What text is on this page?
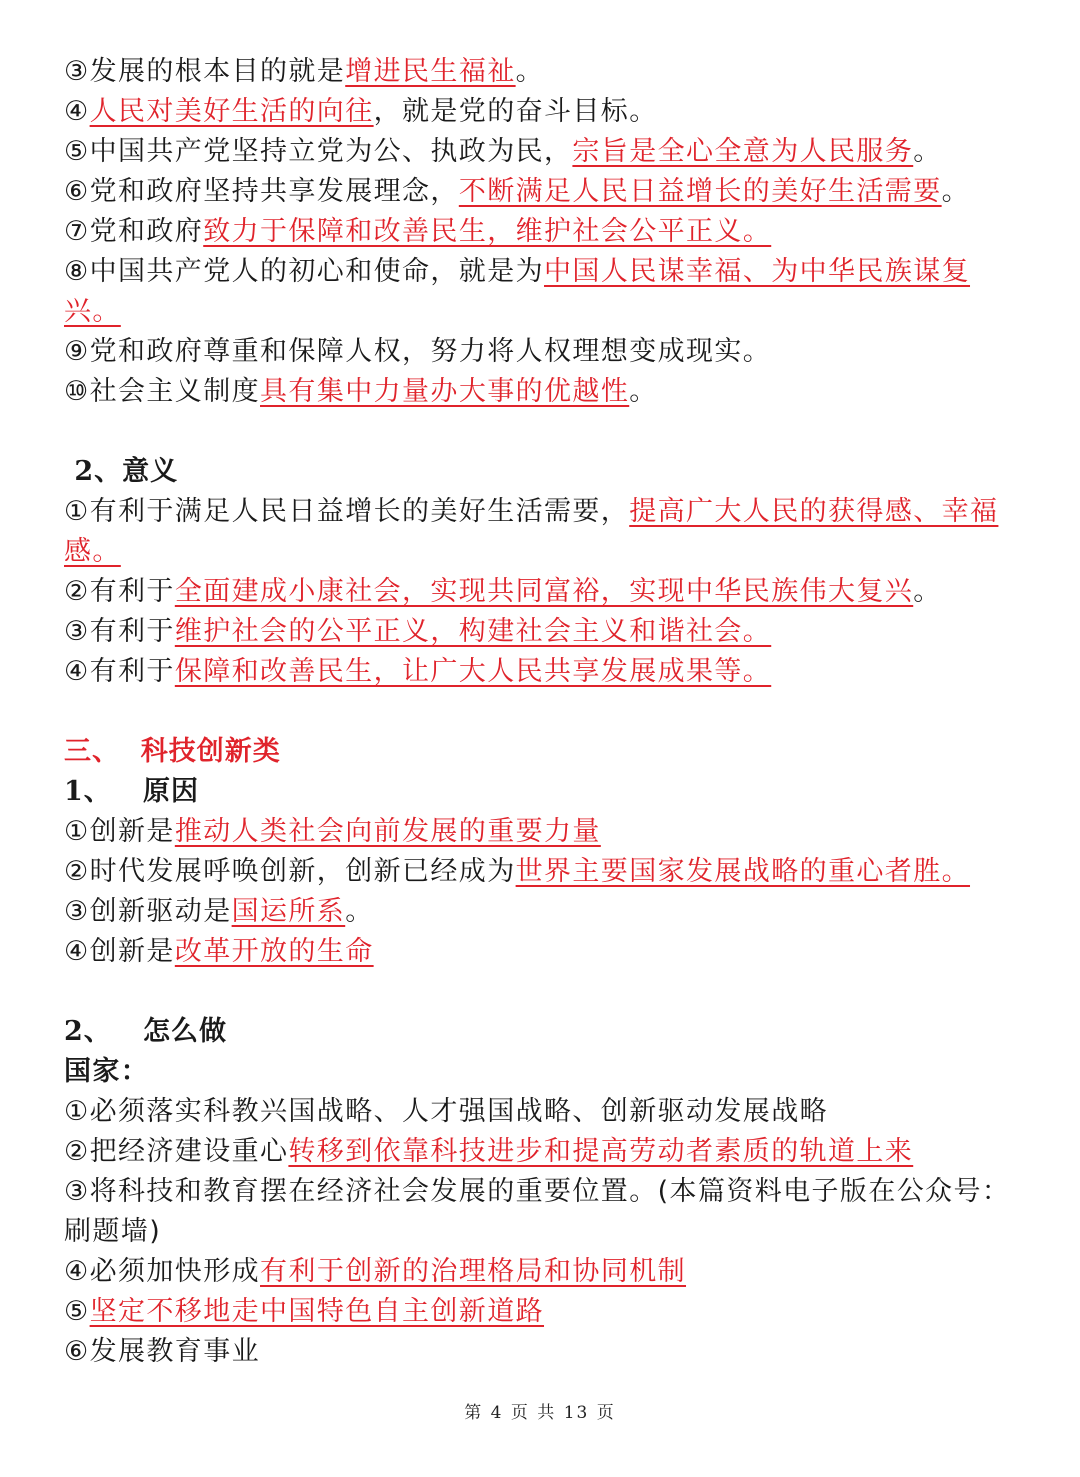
③发展的根本目的就是增进民生福祉。
④人民对美好生活的向往，就是党的奋斗目标。
⑤中国共产党坚持立党为公、执政为民，宗旨是全心全意为人民服务。
⑥党和政府坚持共享发展理念，不断满足人民日益增长的美好生活需要。
⑦党和政府致力于保障和改善民生，维护社会公平正义。
⑧中国共产党人的初心和使命，就是为中国人民谋幸福、为中华民族谋复兴。
⑨党和政府尊重和保障人权，努力将人权理想变成现实。
⑩社会主义制度具有集中力量办大事的优越性。
2、意义
①有利于满足人民日益增长的美好生活需要，提高广大人民的获得感、幸福感。
②有利于全面建成小康社会，实现共同富裕，实现中华民族伟大复兴。
③有利于维护社会的公平正义，构建社会主义和谐社会。
④有利于保障和改善民生，让广大人民共享发展成果等。
三、  科技创新类
1、   原因
①创新是推动人类社会向前发展的重要力量
②时代发展呼唤创新，创新已经成为世界主要国家发展战略的重心者胜。
③创新驱动是国运所系。
④创新是改革开放的生命
2、   怎么做
国家：
①必须落实科教兴国战略、人才强国战略、创新驱动发展战略
②把经济建设重心转移到依靠科技进步和提高劳动者素质的轨道上来
③将科技和教育摆在经济社会发展的重要位置。(本篇资料电子版在公众号：刷题墙)
④必须加快形成有利于创新的治理格局和协同机制
⑤坚定不移地走中国特色自主创新道路
⑥发展教育事业
第 4 页 共 13 页
